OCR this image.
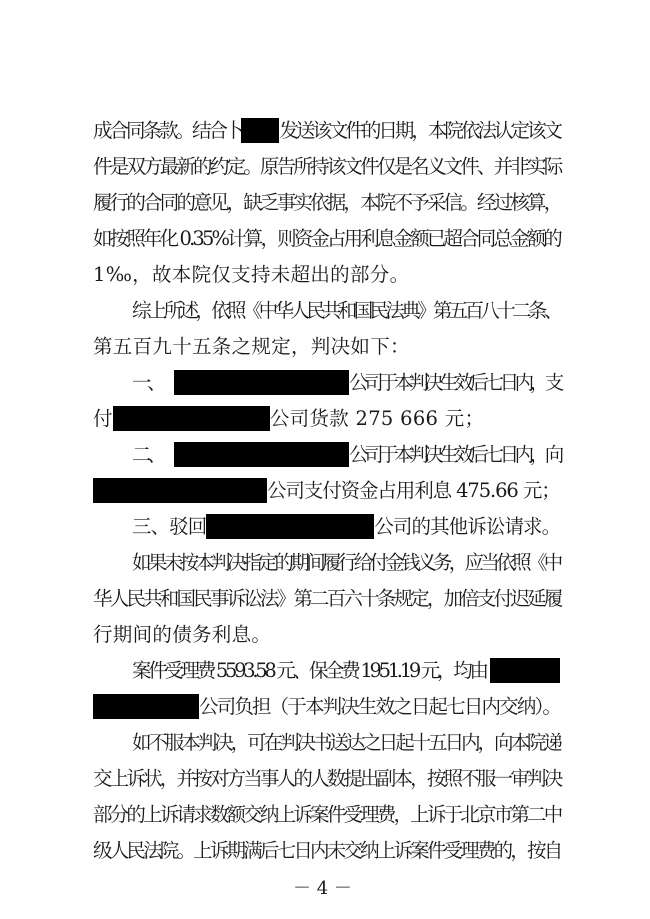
成合同条款。结合卜 发送该文件的日期，本院依法认定该文
件是双方最新的约定。原告所持该文件仅是名义文件、并非实际
履行的合同的意见，缺乏事实依据，本院不予采信。经过核算，
如按照年化 0.35%计算，则资金占用利息金额已超合同总金额的
1‰，故本院仅支持未超出的部分。
综上所述，依照《中华人民共和国民法典》第五百八十二条、
第五百九十五条之规定，判决如下：
一、	公司于本判决生效后七日内，支
付	公司货款 275 666 元；
二、	公司于本判决生效后七日内，向
公司支付资金占用利息 475.66 元；
三、驳回	公司的其他诉讼请求。
如果未按本判决指定的期间履行给付金钱义务，应当依照《中
华人民共和国民事诉讼法》第二百六十条规定，加倍支付迟延履
行期间的债务利息。
案件受理费 5593.58 元、保全费 1951.19 元，均由
公司负担（于本判决生效之日起七日内交纳）。
如不服本判决，可在判决书送达之日起十五日内，向本院递
交上诉状，并按对方当事人的人数提出副本，按照不服一审判决
部分的上诉请求数额交纳上诉案件受理费，上诉于北京市第二中
级人民法院。上诉期满后七日内未交纳上诉案件受理费的，按自
－ 4 －
